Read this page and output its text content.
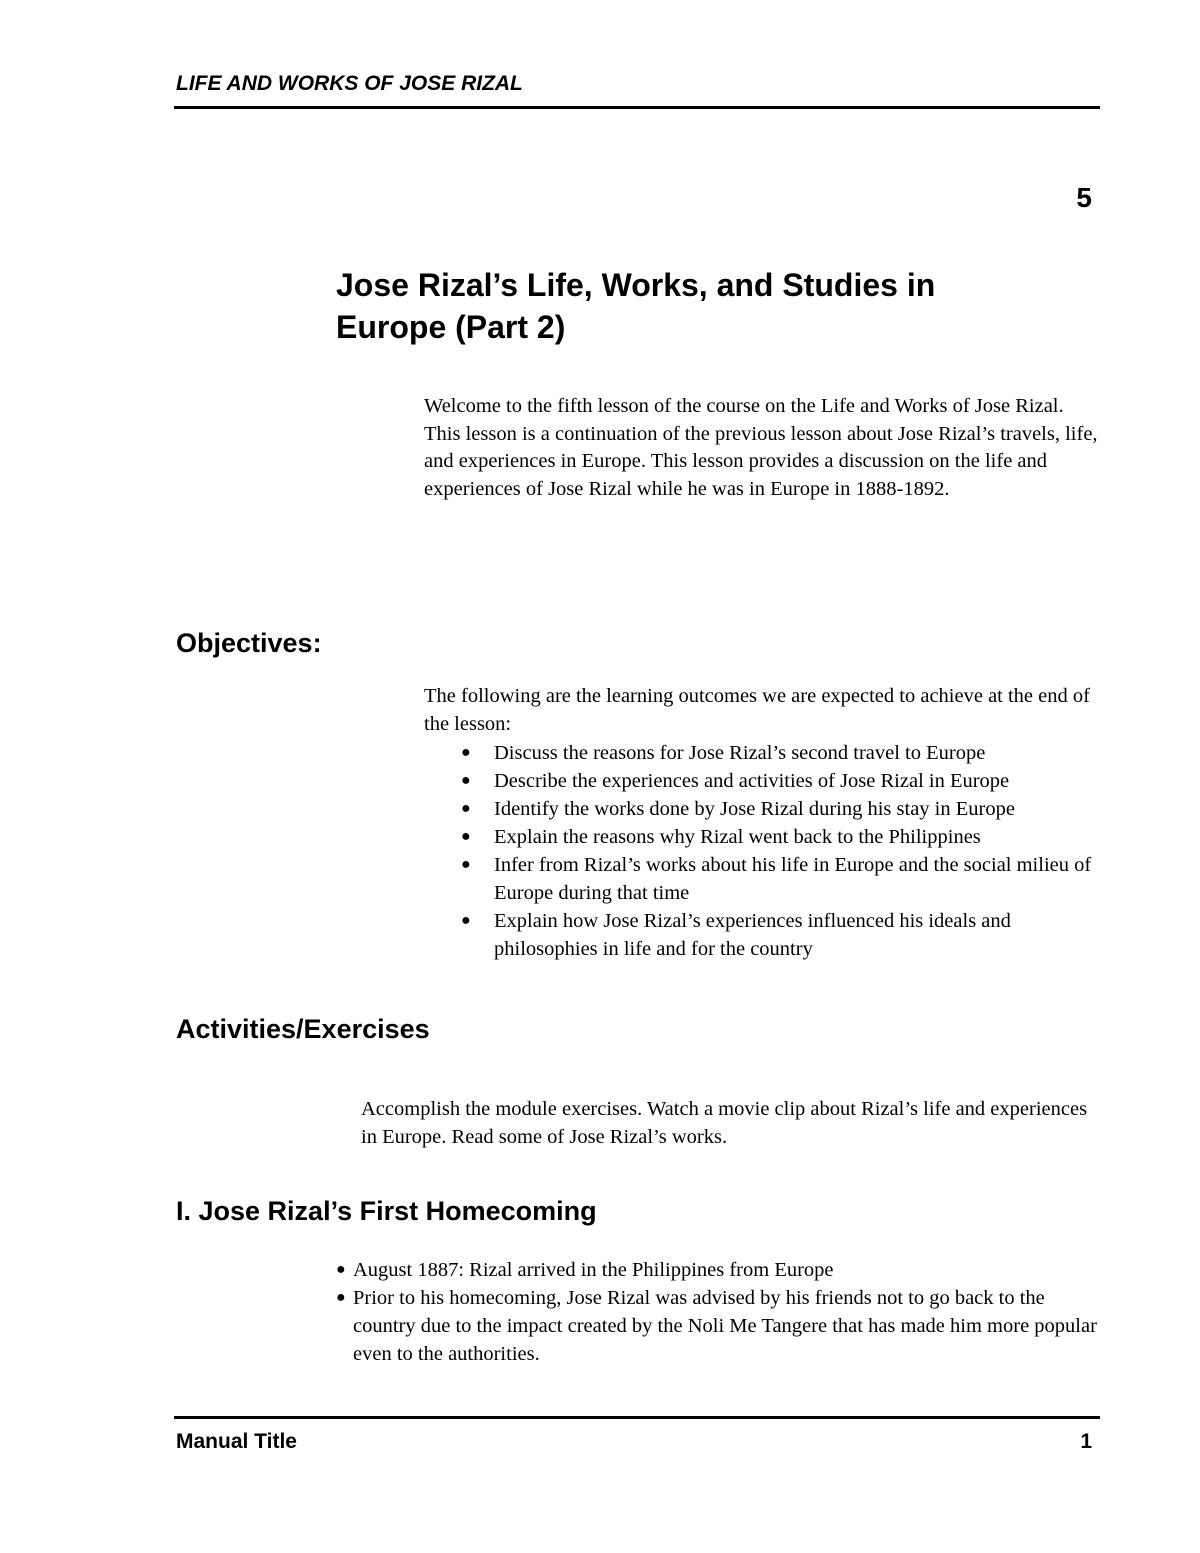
LIFE AND WORKS OF JOSE RIZAL
5
Jose Rizal’s Life, Works, and Studies in
Europe (Part 2)
Welcome to the fifth lesson of the course on the Life and Works of Jose Rizal. This lesson is a continuation of the previous lesson about Jose Rizal’s travels, life, and experiences in Europe. This lesson provides a discussion on the life and experiences of Jose Rizal while he was in Europe in 1888-1892.
Objectives:
The following are the learning outcomes we are expected to achieve at the end of the lesson:
● Discuss the reasons for Jose Rizal’s second travel to Europe
● Describe the experiences and activities of Jose Rizal in Europe
● Identify the works done by Jose Rizal during his stay in Europe
● Explain the reasons why Rizal went back to the Philippines
● Infer from Rizal’s works about his life in Europe and the social milieu of Europe during that time
● Explain how Jose Rizal’s experiences influenced his ideals and philosophies in life and for the country
Activities/Exercises
Accomplish the module exercises. Watch a movie clip about Rizal’s life and experiences in Europe. Read some of Jose Rizal’s works.
I. Jose Rizal’s First Homecoming
● August 1887: Rizal arrived in the Philippines from Europe
● Prior to his homecoming, Jose Rizal was advised by his friends not to go back to the country due to the impact created by the Noli Me Tangere that has made him more popular even to the authorities.
Manual Title	1
